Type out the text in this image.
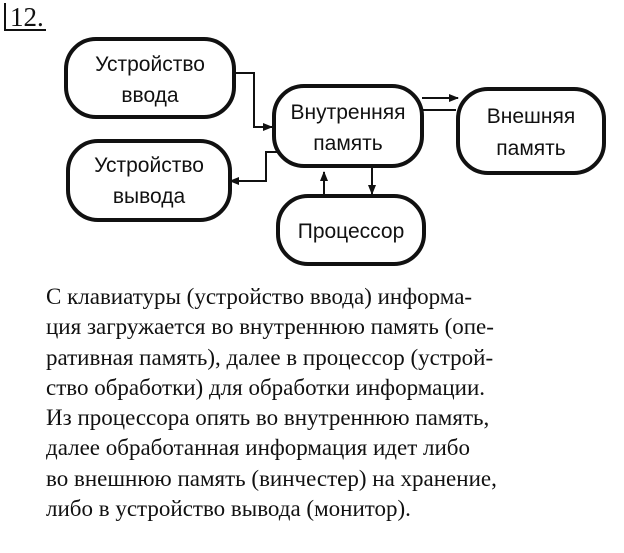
12.
Устройство
ввода
Устройство
вывода
Внутренняя
память
Внешняя
память
Процессор

С клавиатуры (устройство ввода) информа-
ция загружается во внутреннюю память (опе-
ративная память), далее в процессор (устрой-
ство обработки) для обработки информации.
Из процессора опять во внутреннюю память,
далее обработанная информация идет либо
во внешнюю память (винчестер) на хранение,
либо в устройство вывода (монитор).
